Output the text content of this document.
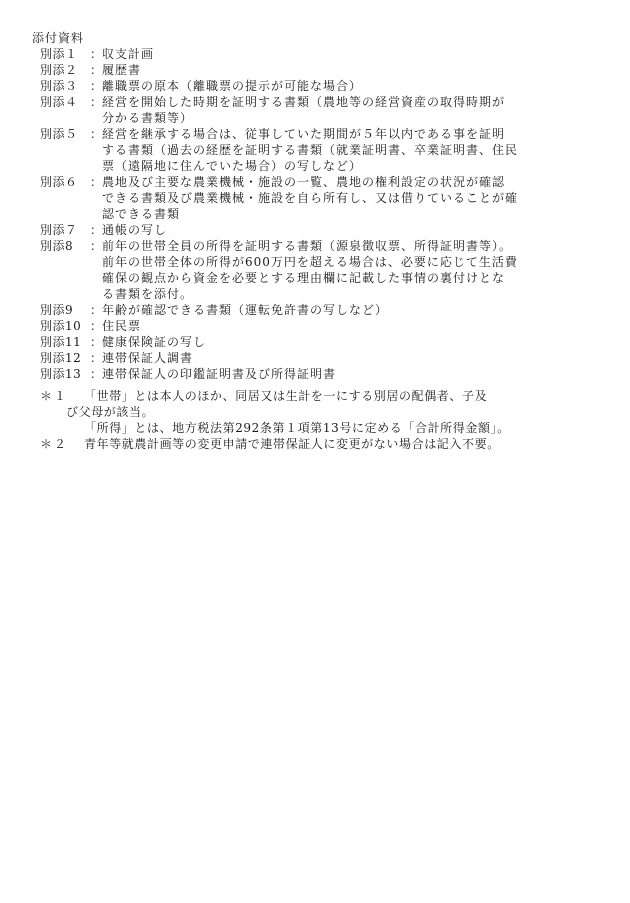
添付資料
別添１	： 収支計画
別添２	： 履歴書
別添３	： 離職票の原本（離職票の提示が可能な場合）
別添４	： 経営を開始した時期を証明する書類（農地等の経営資産の取得時期が
分かる書類等）
別添５	： 経営を継承する場合は、従事していた期間が５年以内である事を証明
する書類（過去の経歴を証明する書類（就業証明書、卒業証明書、住民
票（遠隔地に住んでいた場合）の写しなど）
別添６	： 農地及び主要な農業機械・施設の一覧、農地の権利設定の状況が確認
できる書類及び農業機械・施設を自ら所有し、又は借りていることが確
認できる書類
別添７	： 通帳の写し
別添8	： 前年の世帯全員の所得を証明する書類（源泉徴収票、所得証明書等）。
前年の世帯全体の所得が600万円を超える場合は、必要に応じて生活費
確保の観点から資金を必要とする理由欄に記載した事情の裏付けとな
る書類を添付。
別添9	： 年齢が確認できる書類（運転免許書の写しなど）
別添10 ： 住民票
別添11 ： 健康保険証の写し
別添12 ： 連帯保証人調書
別添13 ： 連帯保証人の印鑑証明書及び所得証明書
＊１	「世帯」とは本人のほか、同居又は生計を一にする別居の配偶者、子及
び父母が該当。
「所得」とは、地方税法第292条第１項第13号に定める「合計所得金額」。
＊２	青年等就農計画等の変更申請で連帯保証人に変更がない場合は記入不要。
